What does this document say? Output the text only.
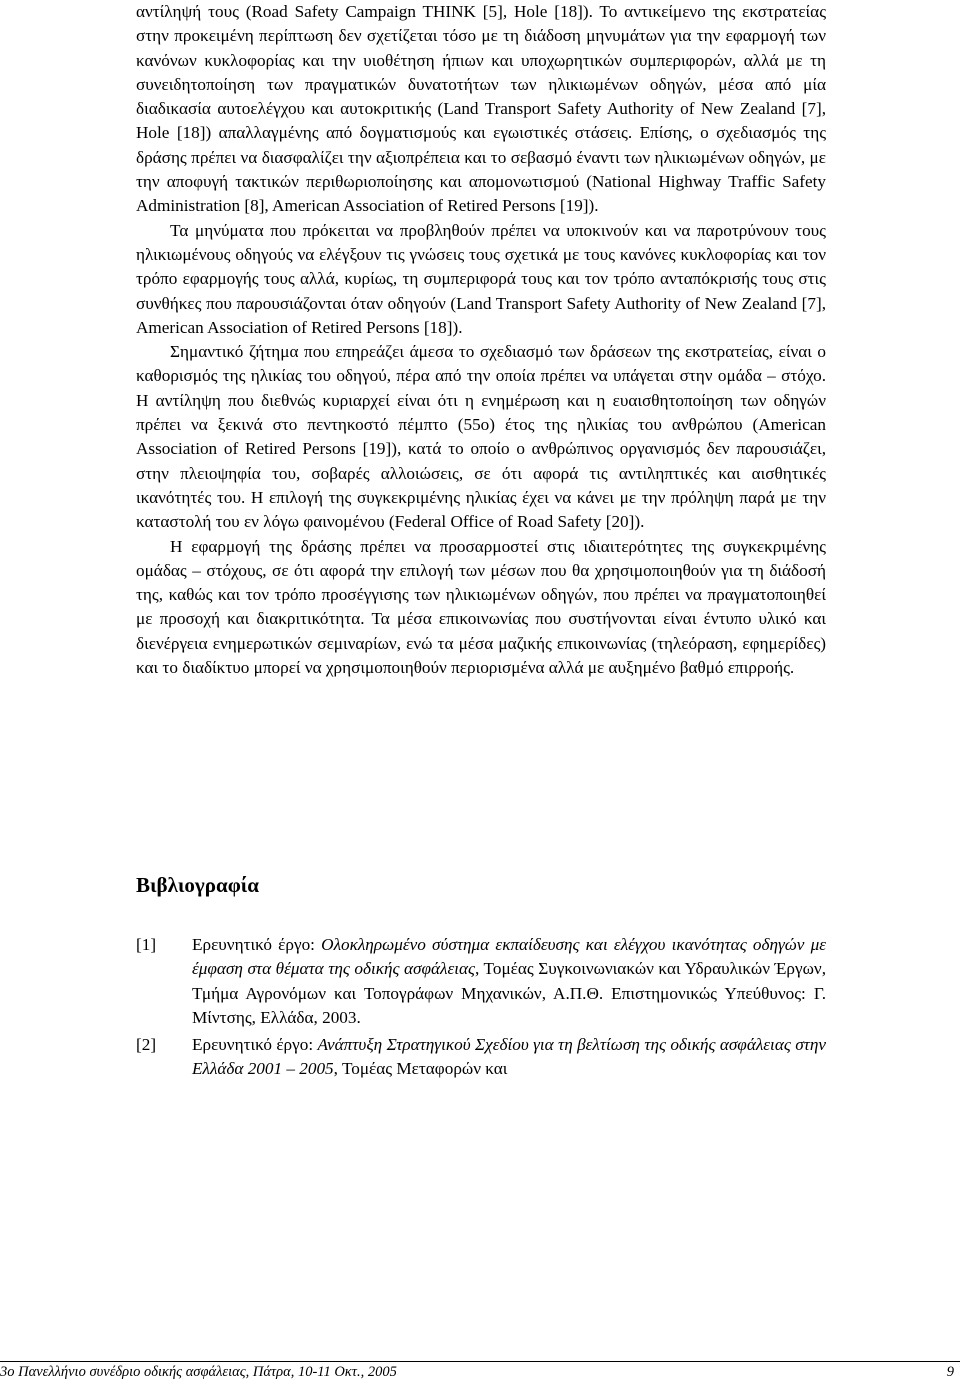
αντίληψή τους (Road Safety Campaign THINK [5], Hole [18]). Το αντικείμενο της εκστρατείας στην προκειμένη περίπτωση δεν σχετίζεται τόσο με τη διάδοση μηνυμάτων για την εφαρμογή των κανόνων κυκλοφορίας και την υιοθέτηση ήπιων και υποχωρητικών συμπεριφορών, αλλά με τη συνειδητοποίηση των πραγματικών δυνατοτήτων των ηλικιωμένων οδηγών, μέσα από μία διαδικασία αυτοελέγχου και αυτοκριτικής (Land Transport Safety Authority of New Zealand [7], Hole [18]) απαλλαγμένης από δογματισμούς και εγωιστικές στάσεις. Επίσης, ο σχεδιασμός της δράσης πρέπει να διασφαλίζει την αξιοπρέπεια και το σεβασμό έναντι των ηλικιωμένων οδηγών, με την αποφυγή τακτικών περιθωριοποίησης και απομονωτισμού (National Highway Traffic Safety Administration [8], American Association of Retired Persons [19]).

Τα μηνύματα που πρόκειται να προβληθούν πρέπει να υποκινούν και να παροτρύνουν τους ηλικιωμένους οδηγούς να ελέγξουν τις γνώσεις τους σχετικά με τους κανόνες κυκλοφορίας και τον τρόπο εφαρμογής τους αλλά, κυρίως, τη συμπεριφορά τους και τον τρόπο ανταπόκρισής τους στις συνθήκες που παρουσιάζονται όταν οδηγούν (Land Transport Safety Authority of New Zealand [7], American Association of Retired Persons [18]).

Σημαντικό ζήτημα που επηρεάζει άμεσα το σχεδιασμό των δράσεων της εκστρατείας, είναι ο καθορισμός της ηλικίας του οδηγού, πέρα από την οποία πρέπει να υπάγεται στην ομάδα – στόχο. Η αντίληψη που διεθνώς κυριαρχεί είναι ότι η ενημέρωση και η ευαισθητοποίηση των οδηγών πρέπει να ξεκινά στο πεντηκοστό πέμπτο (55ο) έτος της ηλικίας του ανθρώπου (American Association of Retired Persons [19]), κατά το οποίο ο ανθρώπινος οργανισμός δεν παρουσιάζει, στην πλειοψηφία του, σοβαρές αλλοιώσεις, σε ότι αφορά τις αντιληπτικές και αισθητικές ικανότητές του. Η επιλογή της συγκεκριμένης ηλικίας έχει να κάνει με την πρόληψη παρά με την καταστολή του εν λόγω φαινομένου (Federal Office of Road Safety [20]).

Η εφαρμογή της δράσης πρέπει να προσαρμοστεί στις ιδιαιτερότητες της συγκεκριμένης ομάδας – στόχους, σε ότι αφορά την επιλογή των μέσων που θα χρησιμοποιηθούν για τη διάδοσή της, καθώς και τον τρόπο προσέγγισης των ηλικιωμένων οδηγών, που πρέπει να πραγματοποιηθεί με προσοχή και διακριτικότητα. Τα μέσα επικοινωνίας που συστήνονται είναι έντυπο υλικό και διενέργεια ενημερωτικών σεμιναρίων, ενώ τα μέσα μαζικής επικοινωνίας (τηλεόραση, εφημερίδες) και το διαδίκτυο μπορεί να χρησιμοποιηθούν περιορισμένα αλλά με αυξημένο βαθμό επιρροής.

Βιβλιογραφία
[1]	Ερευνητικό έργο: Ολοκληρωμένο σύστημα εκπαίδευσης και ελέγχου ικανότητας οδηγών με έμφαση στα θέματα της οδικής ασφάλειας, Τομέας Συγκοινωνιακών και Υδραυλικών Έργων, Τμήμα Αγρονόμων και Τοπογράφων Μηχανικών, Α.Π.Θ. Επιστημονικώς Υπεύθυνος: Γ. Μίντσης, Ελλάδα, 2003.
[2]	Ερευνητικό έργο: Ανάπτυξη Στρατηγικού Σχεδίου για τη βελτίωση της οδικής ασφάλειας στην Ελλάδα 2001 – 2005, Τομέας Μεταφορών και
3ο Πανελλήνιο συνέδριο οδικής ασφάλειας, Πάτρα, 10-11 Οκτ., 2005	9
